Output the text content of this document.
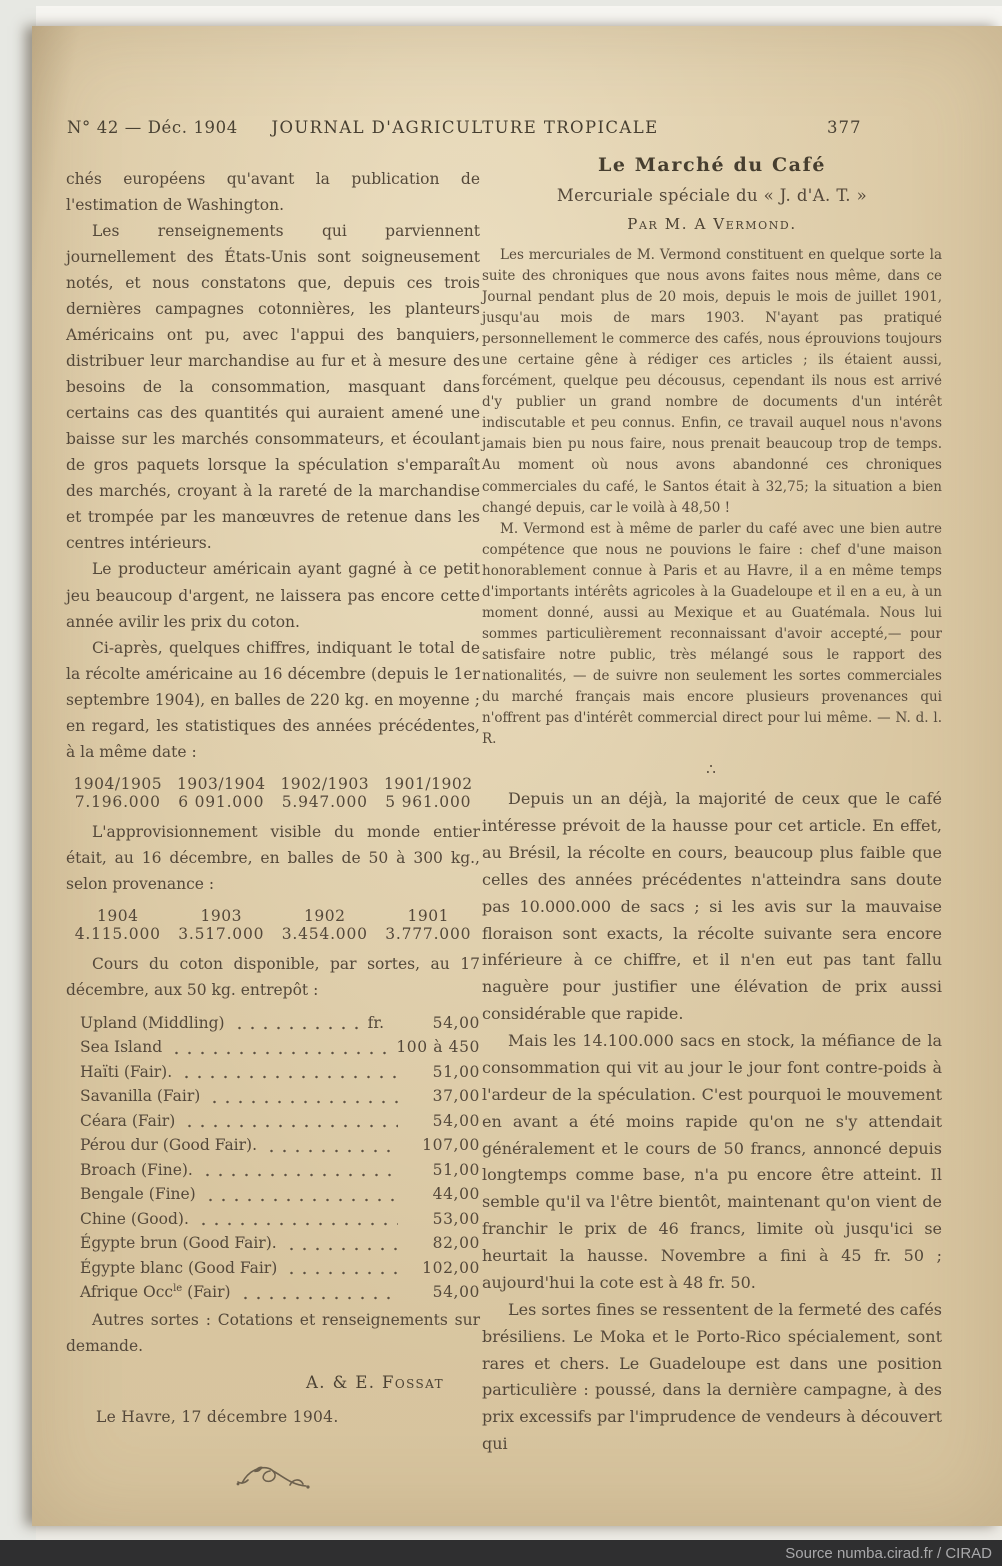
N° 42 — Déc. 1904 JOURNAL D'AGRICULTURE TROPICALE	377

chés européens qu'avant la publication de l'estimation de Washington.

Les renseignements qui parviennent journellement des États-Unis sont soigneusement notés, et nous constatons que, depuis ces trois dernières campagnes cotonnières, les planteurs Américains ont pu, avec l'appui des banquiers, distribuer leur marchandise au fur et à mesure des besoins de la consommation, masquant dans certains cas des quantités qui auraient amené une baisse sur les marchés consommateurs, et écoulant de gros paquets lorsque la spéculation s'emparaît des marchés, croyant à la rareté de la marchandise et trompée par les manœuvres de retenue dans les centres intérieurs.

Le producteur américain ayant gagné à ce petit jeu beaucoup d'argent, ne laissera pas encore cette année avilir les prix du coton.

Ci-après, quelques chiffres, indiquant le total de la récolte américaine au 16 décembre (depuis le 1er septembre 1904), en balles de 220 kg. en moyenne ; en regard, les statistiques des années précédentes, à la même date :

1904/1905 1903/1904 1902/1903 1901/1902
7.196.000	6 091.000	5.947.000	5 961.000

L'approvisionnement visible du monde entier était, au 16 décembre, en balles de 50 à 300 kg., selon provenance :

1904	1903	1902	1901
4.115.000	3.517.000	3.454.000	3.777.000

Cours du coton disponible, par sortes, au 17 décembre, aux 50 kg. entrepôt :

Upland (Middling)	fr.	54,00
Sea Island	100 à 450
Haïti (Fair).	51,00
Savanilla (Fair)	37,00
Céara (Fair)	54,00
Pérou dur (Good Fair).	107,00
Broach (Fine).	51,00
Bengale (Fine)	44,00
Chine (Good).	53,00
Égypte brun (Good Fair).	82,00
Égypte blanc (Good Fair)	102,00
Afrique Occ$^{le}$ (Fair)	54,00

Autres sortes : Cotations et renseignements sur demande.

A. & E. Fossat
Le Havre, 17 décembre 1904.
Le Marché du Café
Mercuriale spéciale du « J. d'A. T. »
Par M. A Vermond.

Les mercuriales de M. Vermond constituent en quelque sorte la suite des chroniques que nous avons faites nous même, dans ce Journal pendant plus de 20 mois, depuis le mois de juillet 1901, jusqu'au mois de mars 1903. N'ayant pas pratiqué personnellement le commerce des cafés, nous éprouvions toujours une certaine gêne à rédiger ces articles ; ils étaient aussi, forcément, quelque peu décousus, cependant ils nous est arrivé d'y publier un grand nombre de documents d'un intérêt indiscutable et peu connus. Enfin, ce travail auquel nous n'avons jamais bien pu nous faire, nous prenait beaucoup trop de temps. Au moment où nous avons abandonné ces chroniques commerciales du café, le Santos était à 32,75; la situation a bien changé depuis, car le voilà à 48,50 !

M. Vermond est à même de parler du café avec une bien autre compétence que nous ne pouvions le faire : chef d'une maison honorablement connue à Paris et au Havre, il a en même temps d'importants intérêts agricoles à la Guadeloupe et il en a eu, à un moment donné, aussi au Mexique et au Guatémala. Nous lui sommes particulièrement reconnaissant d'avoir accepté,— pour satisfaire notre public, très mélangé sous le rapport des nationalités, — de suivre non seulement les sortes commerciales du marché français mais encore plusieurs provenances qui n'offrent pas d'intérêt commercial direct pour lui même. — N. d. l. R.

∴

Depuis un an déjà, la majorité de ceux que le café intéresse prévoit de la hausse pour cet article. En effet, au Brésil, la récolte en cours, beaucoup plus faible que celles des années précédentes n'atteindra sans doute pas 10.000.000 de sacs ; si les avis sur la mauvaise floraison sont exacts, la récolte suivante sera encore inférieure à ce chiffre, et il n'en eut pas tant fallu naguère pour justifier une élévation de prix aussi considérable que rapide.

Mais les 14.100.000 sacs en stock, la méfiance de la consommation qui vit au jour le jour font contre-poids à l'ardeur de la spéculation. C'est pourquoi le mouvement en avant a été moins rapide qu'on ne s'y attendait généralement et le cours de 50 francs, annoncé depuis longtemps comme base, n'a pu encore être atteint. Il semble qu'il va l'être bientôt, maintenant qu'on vient de franchir le prix de 46 francs, limite où jusqu'ici se heurtait la hausse. Novembre a fini à 45 fr. 50 ; aujourd'hui la cote est à 48 fr. 50.

Les sortes fines se ressentent de la fermeté des cafés brésiliens. Le Moka et le Porto-Rico spécialement, sont rares et chers. Le Guadeloupe est dans une position particulière : poussé, dans la dernière campagne, à des prix excessifs par l'imprudence de vendeurs à découvert qui

Source numba.cirad.fr / CIRAD
